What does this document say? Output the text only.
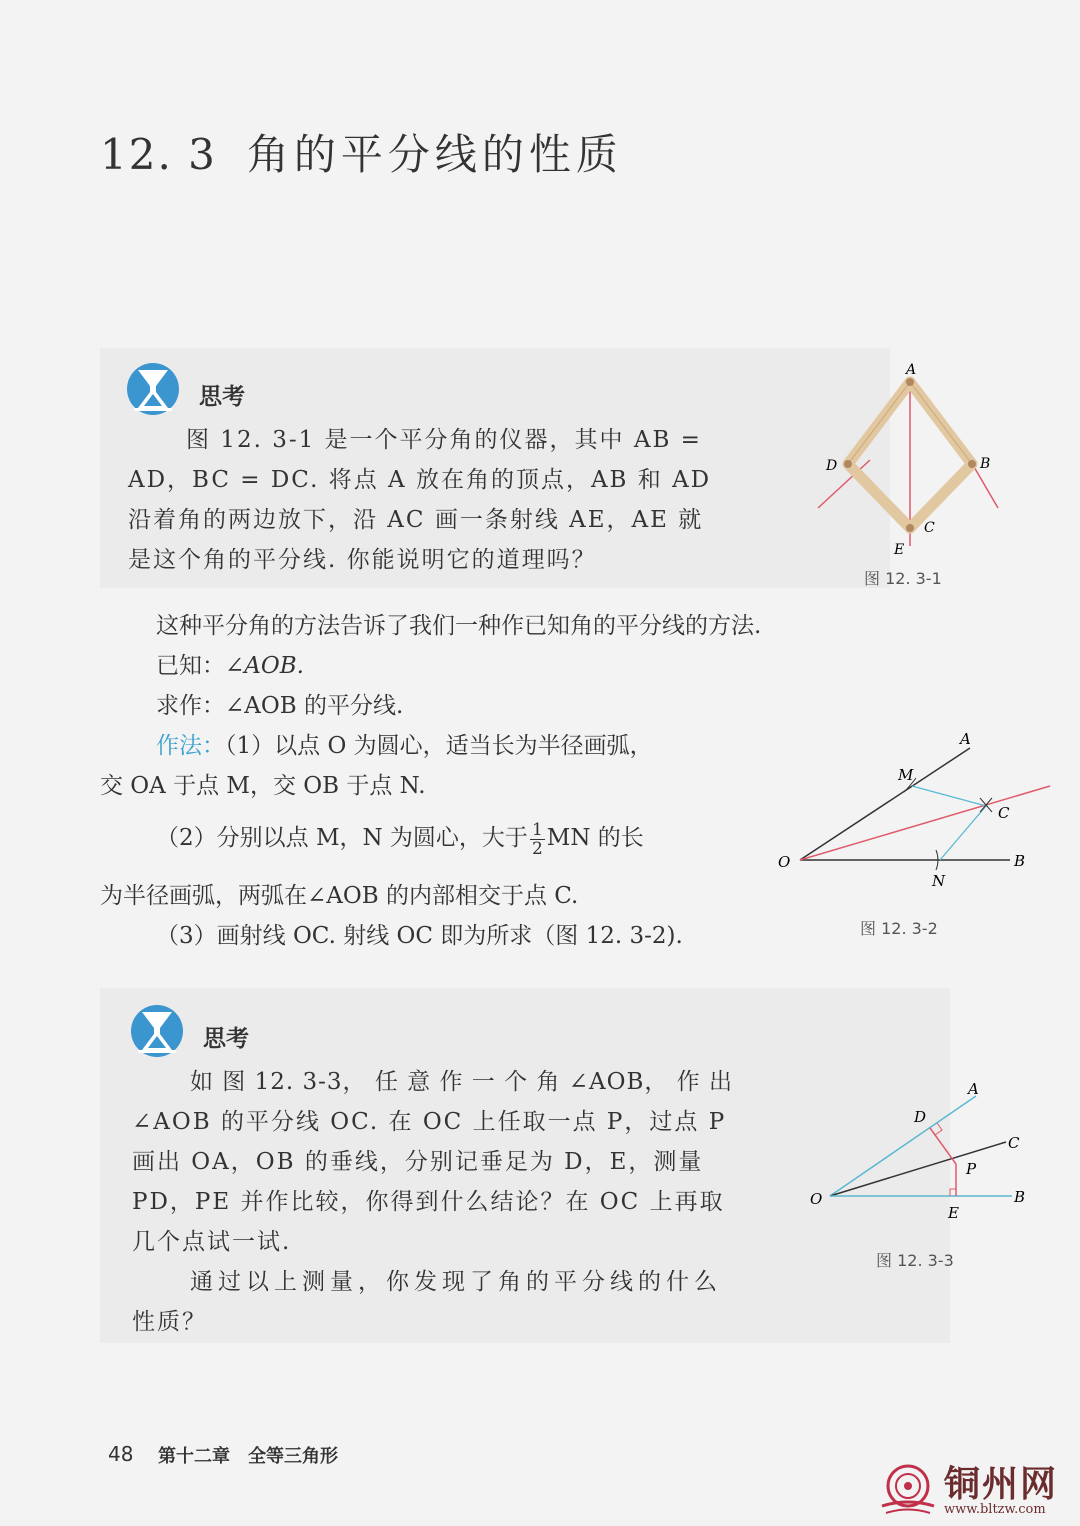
12. 3 角的平分线的性质
思考
图 12. 3-1 是一个平分角的仪器，其中 AB =
AD，BC = DC. 将点 A 放在角的顶点，AB 和 AD
沿着角的两边放下，沿 AC 画一条射线 AE，AE 就
是这个角的平分线. 你能说明它的道理吗？
A
D	B
C
E
图 12. 3-1
这种平分角的方法告诉了我们一种作已知角的平分线的方法.
已知：∠AOB.
求作：∠AOB 的平分线.
作法：（1）以点 O 为圆心，适当长为半径画弧，
交 OA 于点 M，交 OB 于点 N.
（2）分别以点 M，N 为圆心，大于 $\frac{1}{2}$ MN 的长
为半径画弧，两弧在∠AOB 的内部相交于点 C.
（3）画射线 OC. 射线 OC 即为所求（图 12. 3-2).
A
M
C
O	B
N
图 12. 3-2
思考
如 图 12. 3-3， 任 意 作 一 个 角 ∠AOB， 作 出
∠AOB 的平分线 OC. 在 OC 上任取一点 P，过点 P
画出 OA，OB 的垂线，分别记垂足为 D，E，测量
PD，PE 并作比较，你得到什么结论？在 OC 上再取
几个点试一试.
通过以上测量，你发现了角的平分线的什么
性质？
A
D
C
P
O
E
B
图 12. 3-3
48 第十二章　全等三角形
铜州网
www.bltzw.com
